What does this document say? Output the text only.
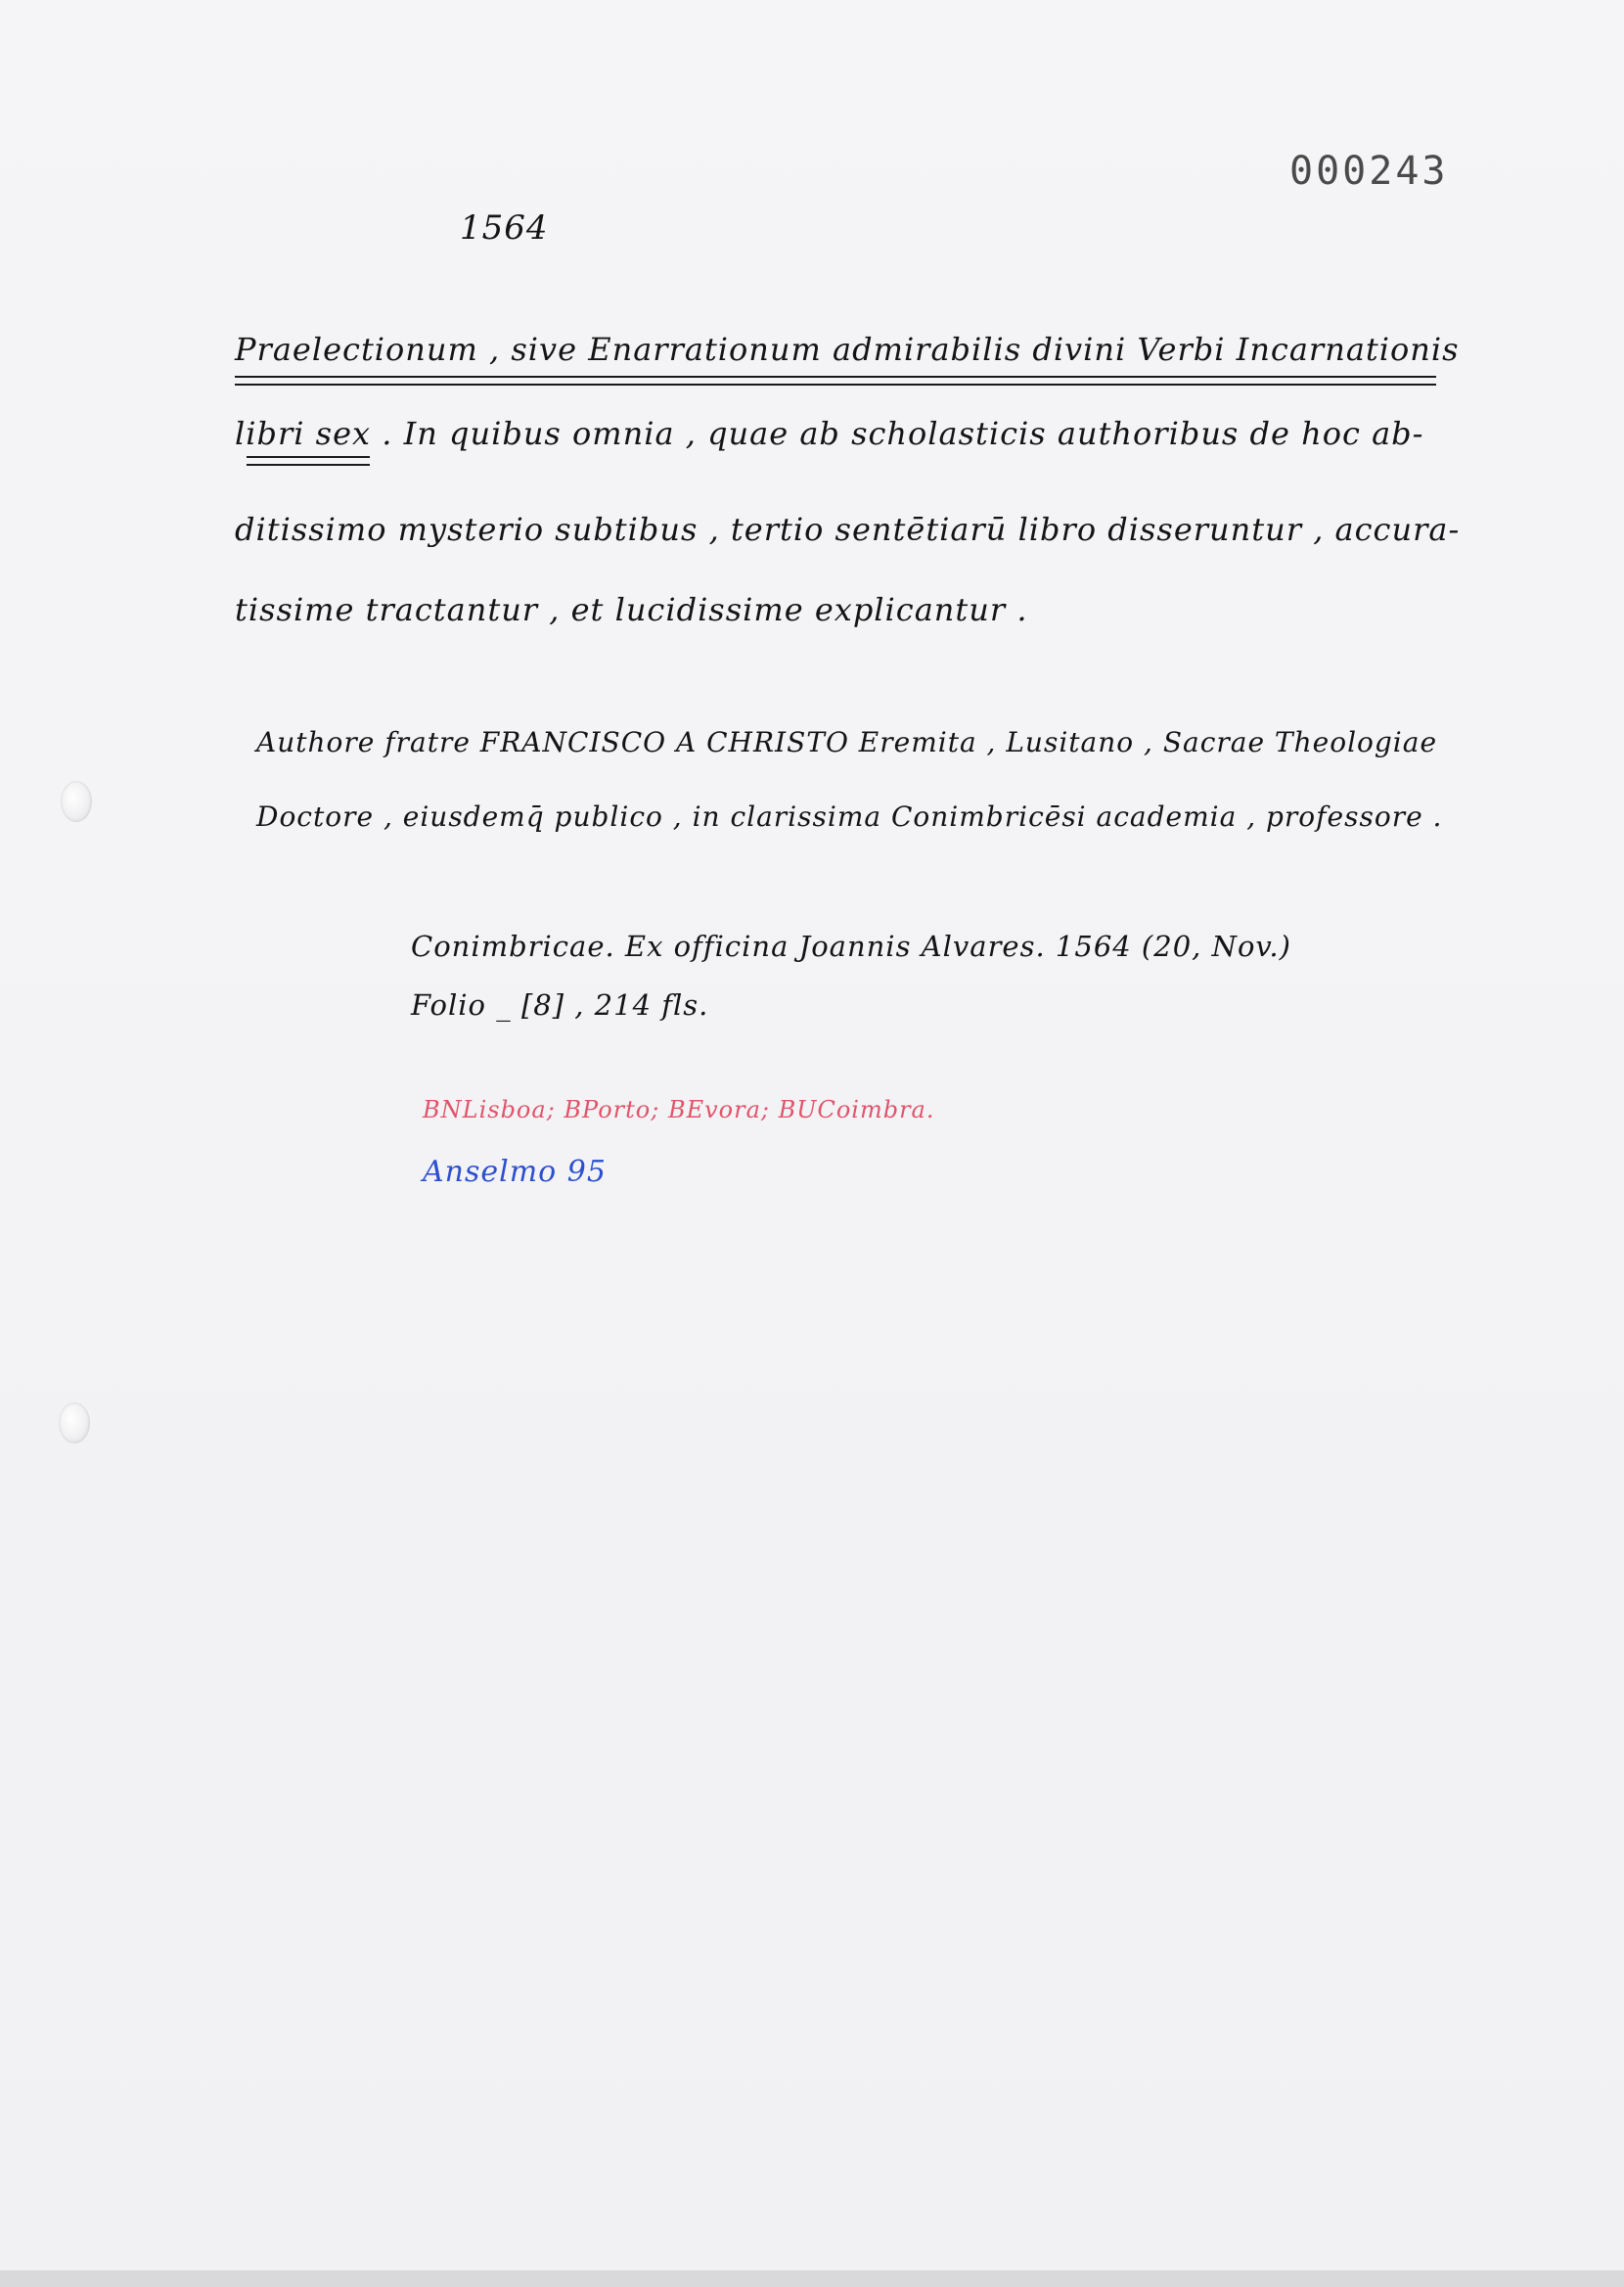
000243
1564
Praelectionum , sive Enarrationum admirabilis divini Verbi Incarnationis
libri sex . In quibus omnia , quae ab scholasticis authoribus de hoc ab-
ditissimo mysterio subtibus , tertio sentētiarū libro disseruntur , accura-
tissime tractantur , et lucidissime explicantur .
Authore fratre FRANCISCO A CHRISTO Eremita , Lusitano , Sacrae Theologiae
Doctore , eiusdemq̄ publico , in clarissima Conimbricēsi academia , professore .
Conimbricae. Ex officina Joannis Alvares. 1564 (20, Nov.)
Folio _ [8] , 214 fls.
BNLisboa; BPorto; BEvora; BUCoimbra.
Anselmo 95
